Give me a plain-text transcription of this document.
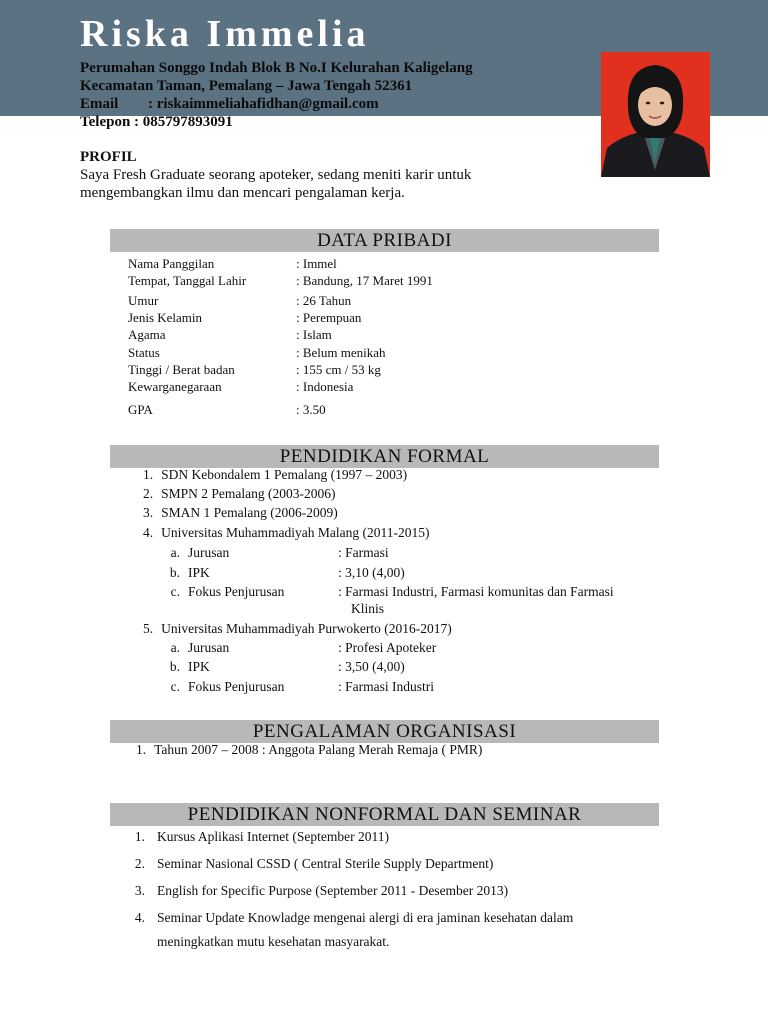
Riska Immelia
Perumahan Songgo Indah Blok B No.I Kelurahan Kaligelang
Kecamatan Taman, Pemalang – Jawa Tengah 52361
Email : riskaimmeliahafidhan@gmail.com
Telepon : 085797893091
PROFIL
Saya Fresh Graduate seorang apoteker, sedang meniti karir untuk
mengembangkan ilmu dan mencari pengalaman kerja.
DATA PRIBADI
Nama Panggilan	: Immel
Tempat, Tanggal Lahir	: Bandung, 17 Maret 1991
Umur	: 26 Tahun
Jenis Kelamin	: Perempuan
Agama	: Islam
Status	: Belum menikah
Tinggi / Berat badan	: 155 cm / 53 kg
Kewarganegaraan	: Indonesia
GPA	: 3.50
PENDIDIKAN FORMAL
1. SDN Kebondalem 1 Pemalang (1997 – 2003)
2. SMPN 2 Pemalang (2003-2006)
3. SMAN 1 Pemalang (2006-2009)
4. Universitas Muhammadiyah Malang (2011-2015)
a. Jurusan	: Farmasi
b. IPK	: 3,10 (4,00)
c. Fokus Penjurusan	: Farmasi Industri, Farmasi komunitas dan Farmasi
Klinis
5. Universitas Muhammadiyah Purwokerto (2016-2017)
a. Jurusan	: Profesi Apoteker
b. IPK	: 3,50 (4,00)
c. Fokus Penjurusan	: Farmasi Industri
PENGALAMAN ORGANISASI
1. Tahun 2007 – 2008 : Anggota Palang Merah Remaja ( PMR)
PENDIDIKAN NONFORMAL DAN SEMINAR
1. Kursus Aplikasi Internet (September 2011)
2. Seminar Nasional CSSD ( Central Sterile Supply Department)
3. English for Specific Purpose (September 2011 - Desember 2013)
4. Seminar Update Knowladge mengenai alergi di era jaminan kesehatan dalam
meningkatkan mutu kesehatan masyarakat.
